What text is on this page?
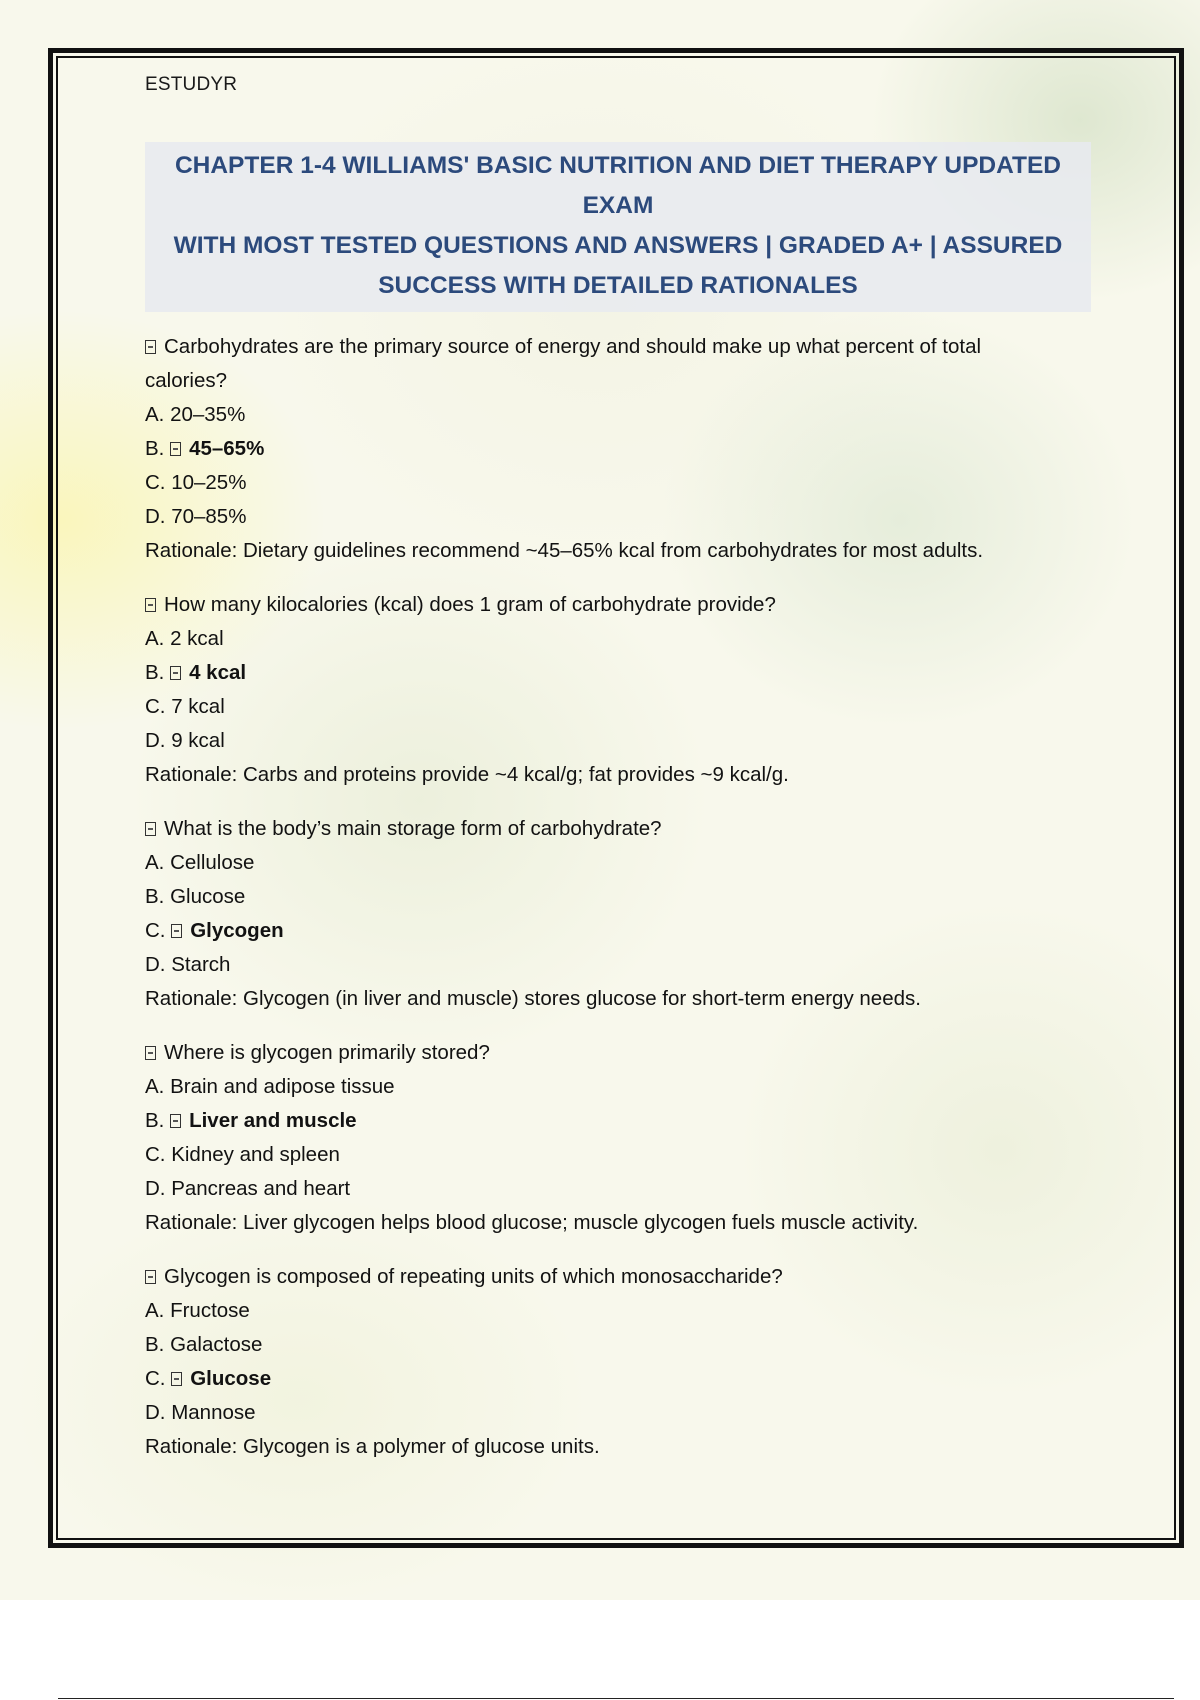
ESTUDYR

CHAPTER 1-4 WILLIAMS' BASIC NUTRITION AND DIET THERAPY UPDATED EXAM

WITH MOST TESTED QUESTIONS AND ANSWERS | GRADED A+ | ASSURED

SUCCESS WITH DETAILED RATIONALES

Carbohydrates are the primary source of energy and should make up what percent of total
calories?
A. 20–35%
B. 45–65%
C. 10–25%
D. 70–85%
Rationale: Dietary guidelines recommend ~45–65% kcal from carbohydrates for most adults.
How many kilocalories (kcal) does 1 gram of carbohydrate provide?
A. 2 kcal
B. 4 kcal
C. 7 kcal
D. 9 kcal
Rationale: Carbs and proteins provide ~4 kcal/g; fat provides ~9 kcal/g.
What is the body’s main storage form of carbohydrate?
A. Cellulose
B. Glucose
C. Glycogen
D. Starch
Rationale: Glycogen (in liver and muscle) stores glucose for short-term energy needs.
Where is glycogen primarily stored?
A. Brain and adipose tissue
B. Liver and muscle
C. Kidney and spleen
D. Pancreas and heart
Rationale: Liver glycogen helps blood glucose; muscle glycogen fuels muscle activity.
Glycogen is composed of repeating units of which monosaccharide?
A. Fructose
B. Galactose
C. Glucose
D. Mannose
Rationale: Glycogen is a polymer of glucose units.
